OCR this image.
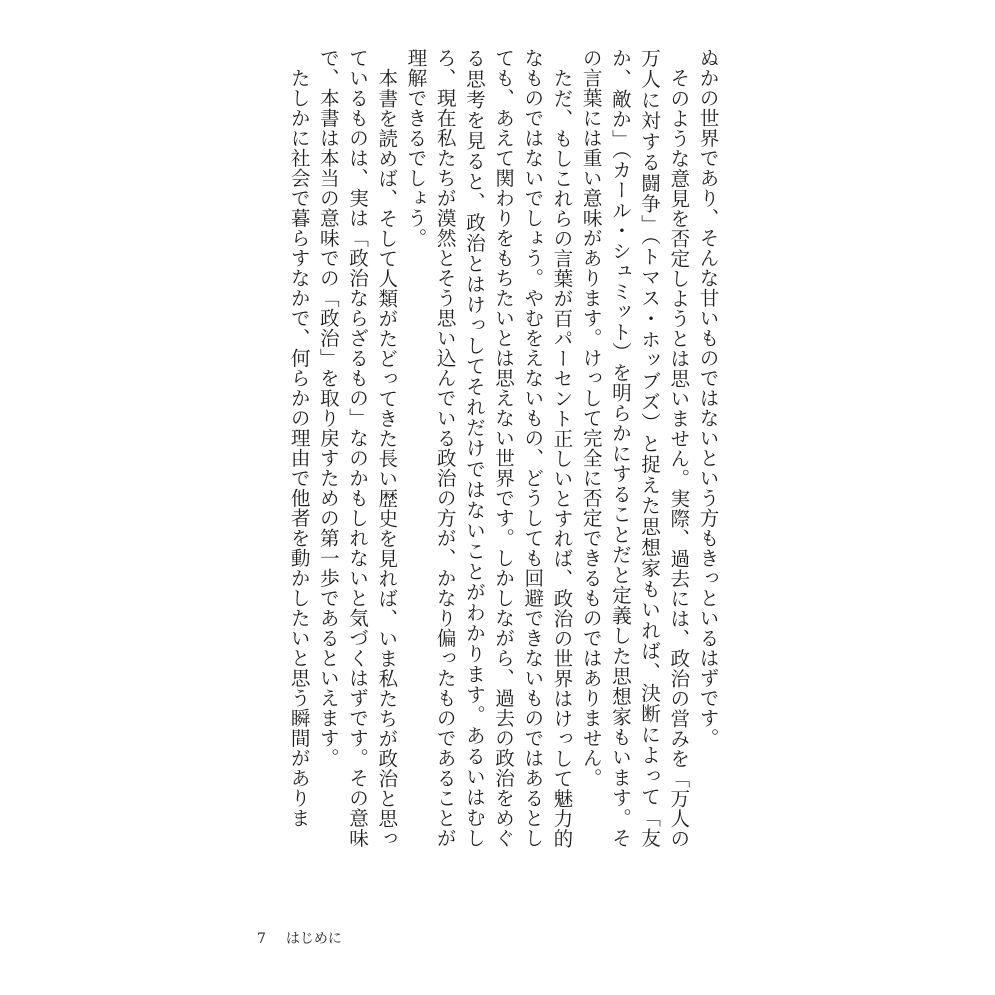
ぬかの世界であり、そんな甘いものではないという方もきっといるはずです。

そのような意見を否定しようとは思いません。実際、過去には、政治の営みを「万人の万人に対する闘争」（トマス・ホッブズ）と捉えた思想家もいれば、決断によって「友か、敵か」（カール・シュミット）を明らかにすることだと定義した思想家もいます。その言葉には重い意味があります。けっして完全に否定できるものではありません。

ただ、もしこれらの言葉が百パーセント正しいとすれば、政治の世界はけっして魅力的なものではないでしょう。やむをえないもの、どうしても回避できないものではあるとしても、あえて関わりをもちたいとは思えない世界です。しかしながら、過去の政治をめぐる思考を見ると、政治とはけっしてそれだけではないことがわかります。あるいはむしろ、現在私たちが漠然とそう思い込んでいる政治の方が、かなり偏ったものであることが理解できるでしょう。

本書を読めば、そして人類がたどってきた長い歴史を見れば、いま私たちが政治と思っているものは、実は「政治ならざるもの」なのかもしれないと気づくはずです。その意味で、本書は本当の意味での「政治」を取り戻すための第一歩であるといえます。

たしかに社会で暮らすなかで、何らかの理由で他者を動かしたいと思う瞬間がありま

7 はじめに
